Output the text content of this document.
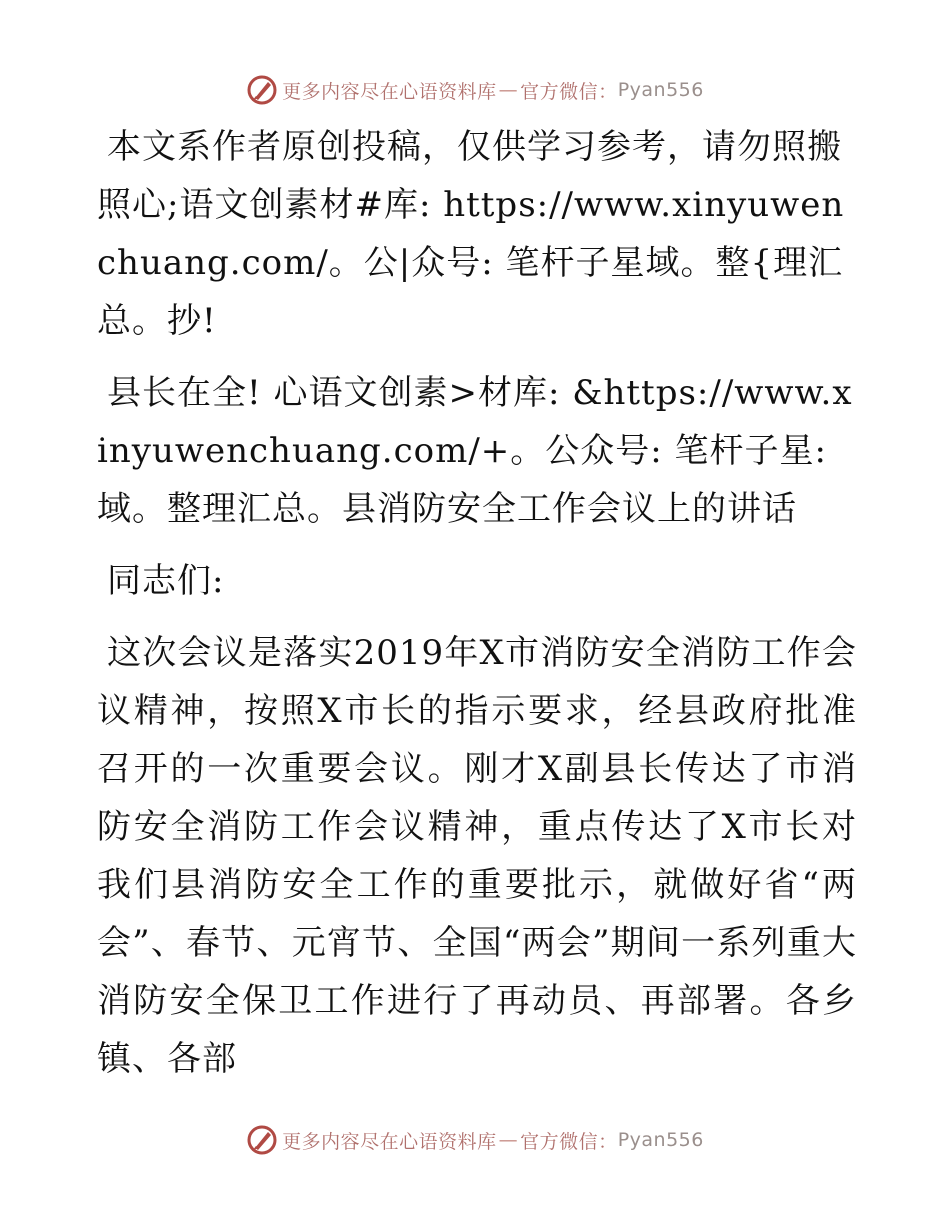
更多内容尽在心语资料库 — 官方微信： Pyan556

本文系作者原创投稿，仅供学习参考，请勿照搬照心;语文创素材#库: https://www.xinyuwenchuang.com/。公|众号: 笔杆子星域。整{理汇总。抄!

县长在全! 心语文创素>材库: &https://www.xinyuwenchuang.com/+。公众号: 笔杆子星:域。整理汇总。县消防安全工作会议上的讲话

同志们:

这次会议是落实2019年X市消防安全消防工作会议精神，按照X市长的指示要求，经县政府批准召开的一次重要会议。刚才X副县长传达了市消防安全消防工作会议精神，重点传达了X市长对我们县消防安全工作的重要批示，就做好省“两会”、春节、元宵节、全国“两会”期间一系列重大消防安全保卫工作进行了再动员、再部署。各乡镇、各部

更多内容尽在心语资料库 — 官方微信： Pyan556
